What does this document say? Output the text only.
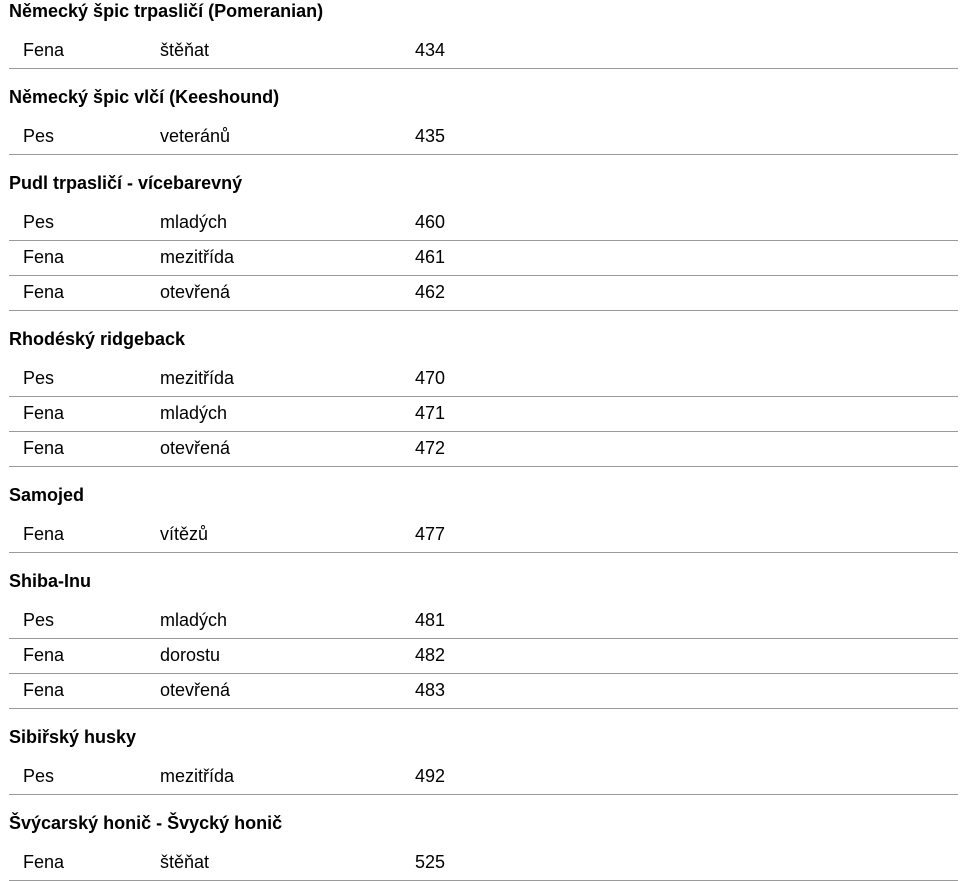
Německý špic trpasličí (Pomeranian)
Fena	štěňat	434
Německý špic vlčí (Keeshound)
Pes	veteránů	435
Pudl trpasličí - vícebarevný
Pes	mladých	460
Fena	mezitřída	461
Fena	otevřená	462
Rhodéský ridgeback
Pes	mezitřída	470
Fena	mladých	471
Fena	otevřená	472
Samojed
Fena	vítězů	477
Shiba-Inu
Pes	mladých	481
Fena	dorostu	482
Fena	otevřená	483
Sibiřský husky
Pes	mezitřída	492
Švýcarský honič - Švycký honič
Fena	štěňat	525
